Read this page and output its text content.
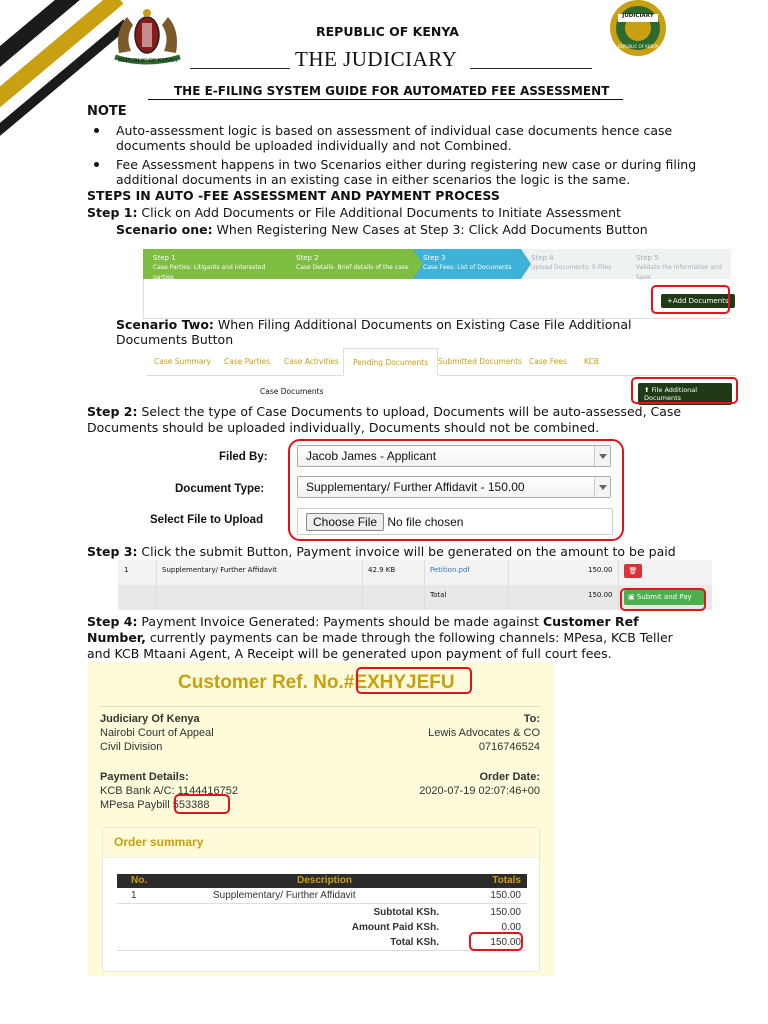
REPUBLIC OF KENYA
REPUBLIC OF KENYA
THE JUDICIARY
JUDICIARY
REPUBLIC OF KENYA
THE E-FILING SYSTEM GUIDE FOR AUTOMATED FEE ASSESSMENT
NOTE
Auto-assessment logic is based on assessment of individual case documents hence case
documents should be uploaded individually and not Combined.
Fee Assessment happens in two Scenarios either during registering new case or during filing
additional documents in an existing case in either scenarios the logic is the same.
STEPS IN AUTO -FEE ASSESSMENT AND PAYMENT PROCESS
Step 1: Click on Add Documents or File Additional Documents to Initiate Assessment
Scenario one: When Registering New Cases at Step 3: Click Add Documents Button
Step 1
Case Parties: Litigants and interested parties
Step 2
Case Details- Brief details of the case
Step 3
Case Fees: List of Documents
Step 4
Upload Documents: E-Files
Step 5
Validate the Information and Save
+Add Documents
Scenario Two: When Filing Additional Documents on Existing Case File Additional
Documents Button
Case Summary Case Parties Case Activities	Pending Documents	Submitted Documents Case Fees KCB
Case Documents	⬆ File Additional Documents
Step 2: Select the type of Case Documents to upload, Documents will be auto-assessed, Case
Documents should be uploaded individually, Documents should not be combined.
Filed By:	Jacob James - Applicant
Document Type:	Supplementary/ Further Affidavit - 150.00
Select File to Upload	Choose File No file chosen
Step 3: Click the submit Button, Payment invoice will be generated on the amount to be paid
1	Supplementary/ Further Affidavit	42.9 KB	Petition.pdf	150.00	🗑
Total	150.00	▣ Submit and Pay
Step 4: Payment Invoice Generated: Payments should be made against Customer Ref
Number, currently payments can be made through the following channels: MPesa, KCB Teller
and KCB Mtaani Agent, A Receipt will be generated upon payment of full court fees.
Customer Ref. No.#EXHYJEFU
Judiciary Of Kenya
Nairobi Court of Appeal
Civil Division
To:
Lewis Advocates & CO
0716746524
Payment Details:
KCB Bank A/C: 1144416752
MPesa Paybill 553388
Order Date:
2020-07-19 02:07:46+00
Order summary
No.	Description	Totals
1	Supplementary/ Further Affidavit	150.00
Subtotal KSh.	150.00
Amount Paid KSh.	0.00
Total KSh.	150.00
